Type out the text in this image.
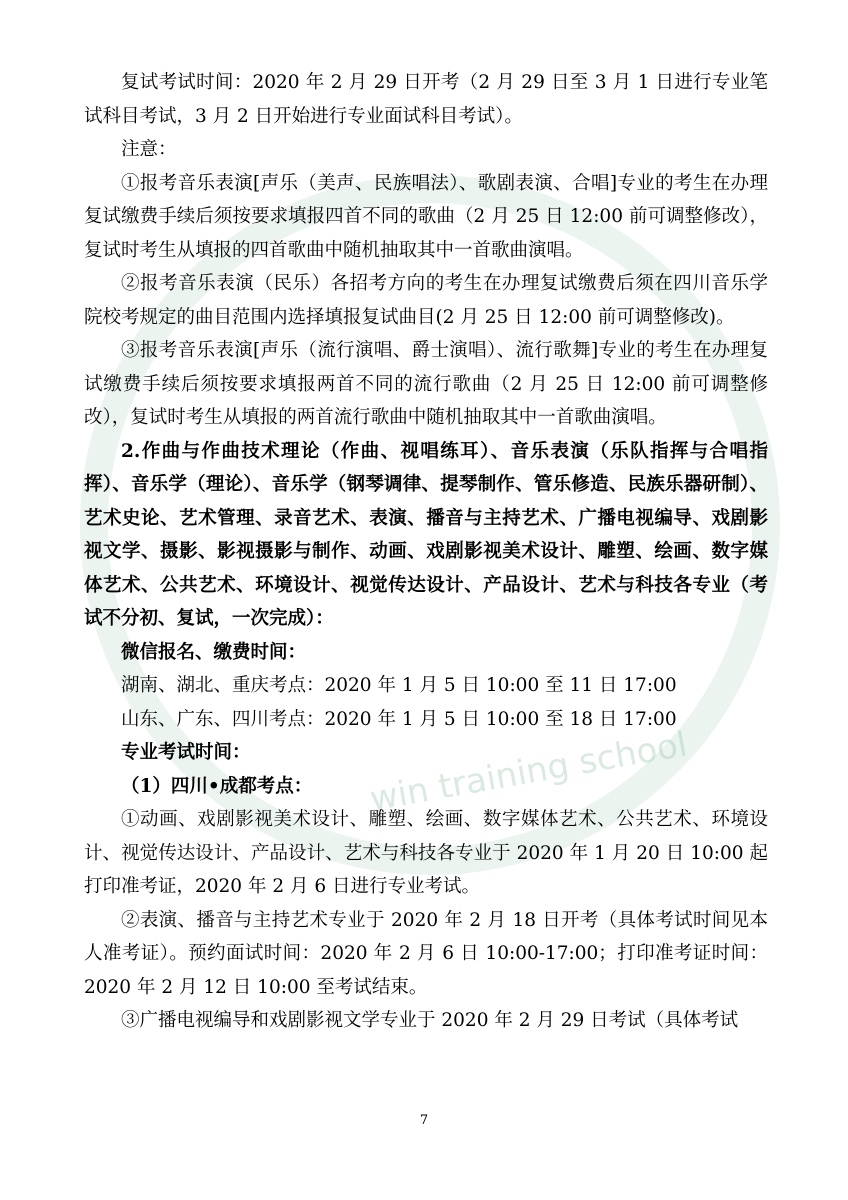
win training school

复试考试时间：2020 年 2 月 29 日开考（2 月 29 日至 3 月 1 日进行专业笔试科目考试，3 月 2 日开始进行专业面试科目考试）。

注意：

①报考音乐表演[声乐（美声、民族唱法）、歌剧表演、合唱]专业的考生在办理复试缴费手续后须按要求填报四首不同的歌曲（2 月 25 日 12:00 前可调整修改），复试时考生从填报的四首歌曲中随机抽取其中一首歌曲演唱。

②报考音乐表演（民乐）各招考方向的考生在办理复试缴费后须在四川音乐学院校考规定的曲目范围内选择填报复试曲目(2 月 25 日 12:00 前可调整修改)。

③报考音乐表演[声乐（流行演唱、爵士演唱）、流行歌舞]专业的考生在办理复试缴费手续后须按要求填报两首不同的流行歌曲（2 月 25 日 12:00 前可调整修改），复试时考生从填报的两首流行歌曲中随机抽取其中一首歌曲演唱。

2.作曲与作曲技术理论（作曲、视唱练耳）、音乐表演（乐队指挥与合唱指挥）、音乐学（理论）、音乐学（钢琴调律、提琴制作、管乐修造、民族乐器研制）、艺术史论、艺术管理、录音艺术、表演、播音与主持艺术、广播电视编导、戏剧影视文学、摄影、影视摄影与制作、动画、戏剧影视美术设计、雕塑、绘画、数字媒体艺术、公共艺术、环境设计、视觉传达设计、产品设计、艺术与科技各专业（考试不分初、复试，一次完成）：

微信报名、缴费时间：

湖南、湖北、重庆考点：2020 年 1 月 5 日 10:00 至 11 日 17:00

山东、广东、四川考点：2020 年 1 月 5 日 10:00 至 18 日 17:00

专业考试时间：

（1）四川•成都考点：

①动画、戏剧影视美术设计、雕塑、绘画、数字媒体艺术、公共艺术、环境设计、视觉传达设计、产品设计、艺术与科技各专业于 2020 年 1 月 20 日 10:00 起打印准考证，2020 年 2 月 6 日进行专业考试。

②表演、播音与主持艺术专业于 2020 年 2 月 18 日开考（具体考试时间见本人准考证）。预约面试时间：2020 年 2 月 6 日 10:00-17:00；打印准考证时间：2020 年 2 月 12 日 10:00 至考试结束。

③广播电视编导和戏剧影视文学专业于 2020 年 2 月 29 日考试（具体考试

7
